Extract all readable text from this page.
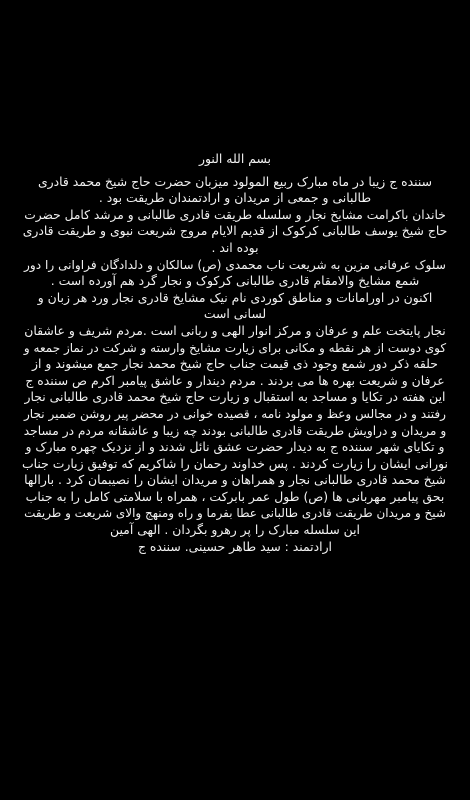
بسم الله النور
سننده ج زیبا در ماه مبارک ربیع المولود میزبان حضرت حاج شیخ محمد قادری
طالبانی و جمعی از مریدان و ارادتمندان طریقت بود .
خاندان باکرامت مشایخ نجار و سلسله طریقت قادری طالبانی و مرشد کامل حضرت
حاج شیخ یوسف طالبانی کرکوک از قدیم الایام مروج شریعت نبوی و طریقت قادری
بوده اند .
سلوک عرفانی مزین به شریعت ناب محمدی (ص) سالکان و دلدادگان فراوانی را دور
شمع مشایخ والامقام قادری طالبانی کرکوک و نجار گرد هم آورده است .
اکنون در اورامانات و مناطق کوردی نام نیک مشایخ قادری نجار ورد هر زبان و
لسانی است
نجار پایتخت علم و عرفان و مرکز انوار الهی و ربانی است .مردم شریف و عاشقان
کوی دوست از هر نقطه و مکانی برای زیارت مشایخ وارسته و شرکت در نماز جمعه و
حلقه ذکر دور شمع وجود ذی قیمت جناب حاج شیخ محمد نجار جمع میشوند و از
عرفان و شریعت بهره ها می بردند . مردم دیندار و عاشق پیامبر اکرم ص سننده ج
این هفته در تکایا و مساجد به استقبال و زیارت حاج شیخ محمد قادری طالبانی نجار
رفتند و در مجالس وعظ و مولود نامه ، قصیده خوانی در محضر پیر روشن ضمیر نجار
و مریدان و دراویش طریقت قادری طالبانی بودند چه زیبا و عاشقانه مردم در مساجد
و تکایای شهر سننده ج به دیدار حضرت عشق نائل شدند و از نزدیک چهره مبارک و
نورانی ایشان را زیارت کردند . پس خداوند رحمان را شاکریم که توفیق زیارت جناب
شیخ محمد قادری طالبانی نجار و همراهان و مریدان ایشان را نصیبمان کرد . بارالها
بحق پیامبر مهربانی ها (ص) طول عمر بابرکت ، همراه با سلامتی کامل را به جناب
شیخ و مریدان طریقت قادری طالبانی عطا بفرما و راه ومنهج والای شریعت و طریقت
این سلسله مبارک را پر رهرو بگردان . الهی آمین
ارادتمند : سید طاهر حسینی. سننده ج
